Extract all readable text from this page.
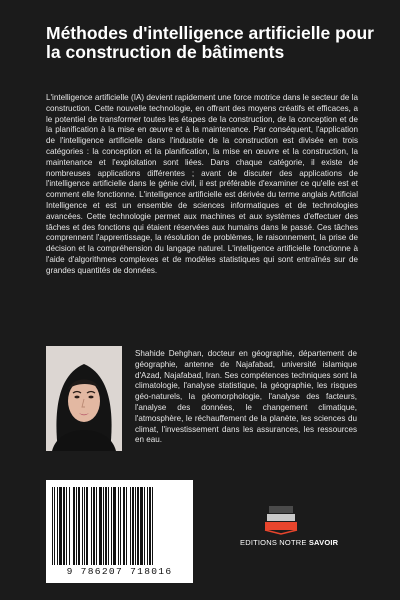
Méthodes d'intelligence artificielle pour la construction de bâtiments

L'intelligence artificielle (IA) devient rapidement une force motrice dans le secteur de la construction. Cette nouvelle technologie, en offrant des moyens créatifs et efficaces, a le potentiel de transformer toutes les étapes de la construction, de la conception et de la planification à la mise en œuvre et à la maintenance. Par conséquent, l'application de l'intelligence artificielle dans l'industrie de la construction est divisée en trois catégories : la conception et la planification, la mise en œuvre et la construction, la maintenance et l'exploitation sont liées. Dans chaque catégorie, il existe de nombreuses applications différentes ; avant de discuter des applications de l'intelligence artificielle dans le génie civil, il est préférable d'examiner ce qu'elle est et comment elle fonctionne. L'intelligence artificielle est dérivée du terme anglais Artificial Intelligence et est un ensemble de sciences informatiques et de technologies avancées. Cette technologie permet aux machines et aux systèmes d'effectuer des tâches et des fonctions qui étaient réservées aux humains dans le passé. Ces tâches comprennent l'apprentissage, la résolution de problèmes, le raisonnement, la prise de décision et la compréhension du langage naturel. L'intelligence artificielle fonctionne à l'aide d'algorithmes complexes et de modèles statistiques qui sont entraînés sur de grandes quantités de données.

Shahide Dehghan, docteur en géographie, département de géographie, antenne de Najafabad, université islamique d'Azad, Najafabad, Iran. Ses compétences techniques sont la climatologie, l'analyse statistique, la géographie, les risques géo-naturels, la géomorphologie, l'analyse des facteurs, l'analyse des données, le changement climatique, l'atmosphère, le réchauffement de la planète, les sciences du climat, l'investissement dans les assurances, les ressources en eau.

9 786207 718016
EDITIONS NOTRE SAVOIR
